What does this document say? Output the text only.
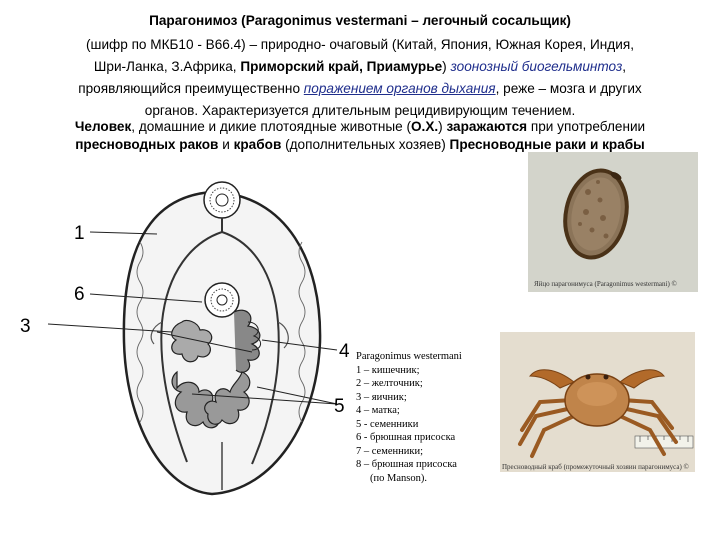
Парагонимоз (Paragonimus vestermani – легочный сосальщик)
(шифр по МКБ10 - B66.4) – природно- очаговый (Китай, Япония, Южная Корея, Индия,
Шри-Ланка, З.Африка, Приморский край, Приамурье) зоонозный биогельминтоз,
проявляющийся преимущественно поражением органов дыхания, реже – мозга и других
органов. Характеризуется длительным рецидивирующим течением.
Человек, домашние и дикие плотоядные животные (О.Х.) заражаются при употреблении
пресноводных раков и крабов (дополнительных хозяев) Пресноводные раки и крабы
1
6
3
4
5
Яйцо парагонимуса (Paragonimus westermani) ©
Пресноводный краб (промежуточный хозяин парагонимуса) ©
Paragonimus westermani
1 – кишечник;
2 – желточник;
3 – яичник;
4 – матка;
5 - семенники
6 - брюшная присоска
7 – семенники;
8 – брюшная присоска
(по Manson).
